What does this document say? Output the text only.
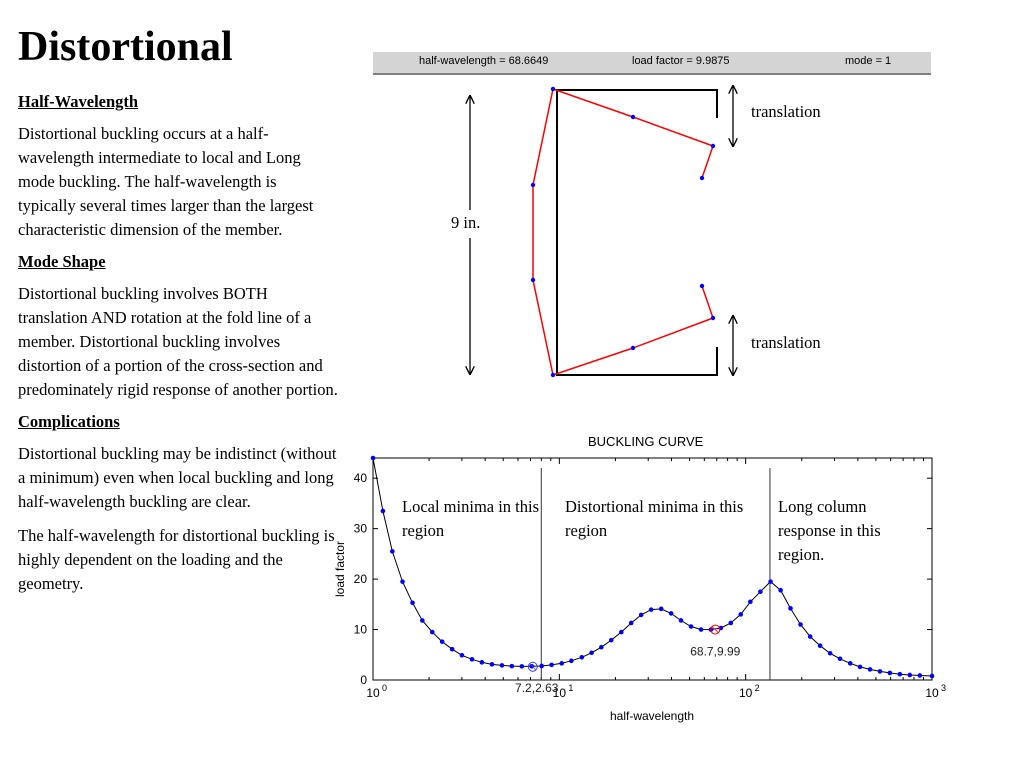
Distortional
Half-Wavelength

Distortional buckling occurs at a half-wavelength intermediate to local and Long mode buckling. The half-wavelength is typically several times larger than the largest characteristic dimension of the member.

Mode Shape

Distortional buckling involves BOTH translation AND rotation at the fold line of a member. Distortional buckling involves distortion of a portion of the cross-section and predominately rigid response of another portion.

Complications

Distortional buckling may be indistinct (without a minimum) even when local buckling and long half-wavelength buckling are clear.

The half-wavelength for distortional buckling is highly dependent on the loading and the geometry.

half-wavelength = 68.6649	load factor = 9.9875	mode = 1
translation
translation
9 in.
BUCKLING CURVE
0
10
20
30
40
10 0	10 1	10 2	10 3
7.2,2.63
68.7,9.99
half-wavelength
load factor
Local minima in this region
Distortional minima in this region
Long column response in this region.
